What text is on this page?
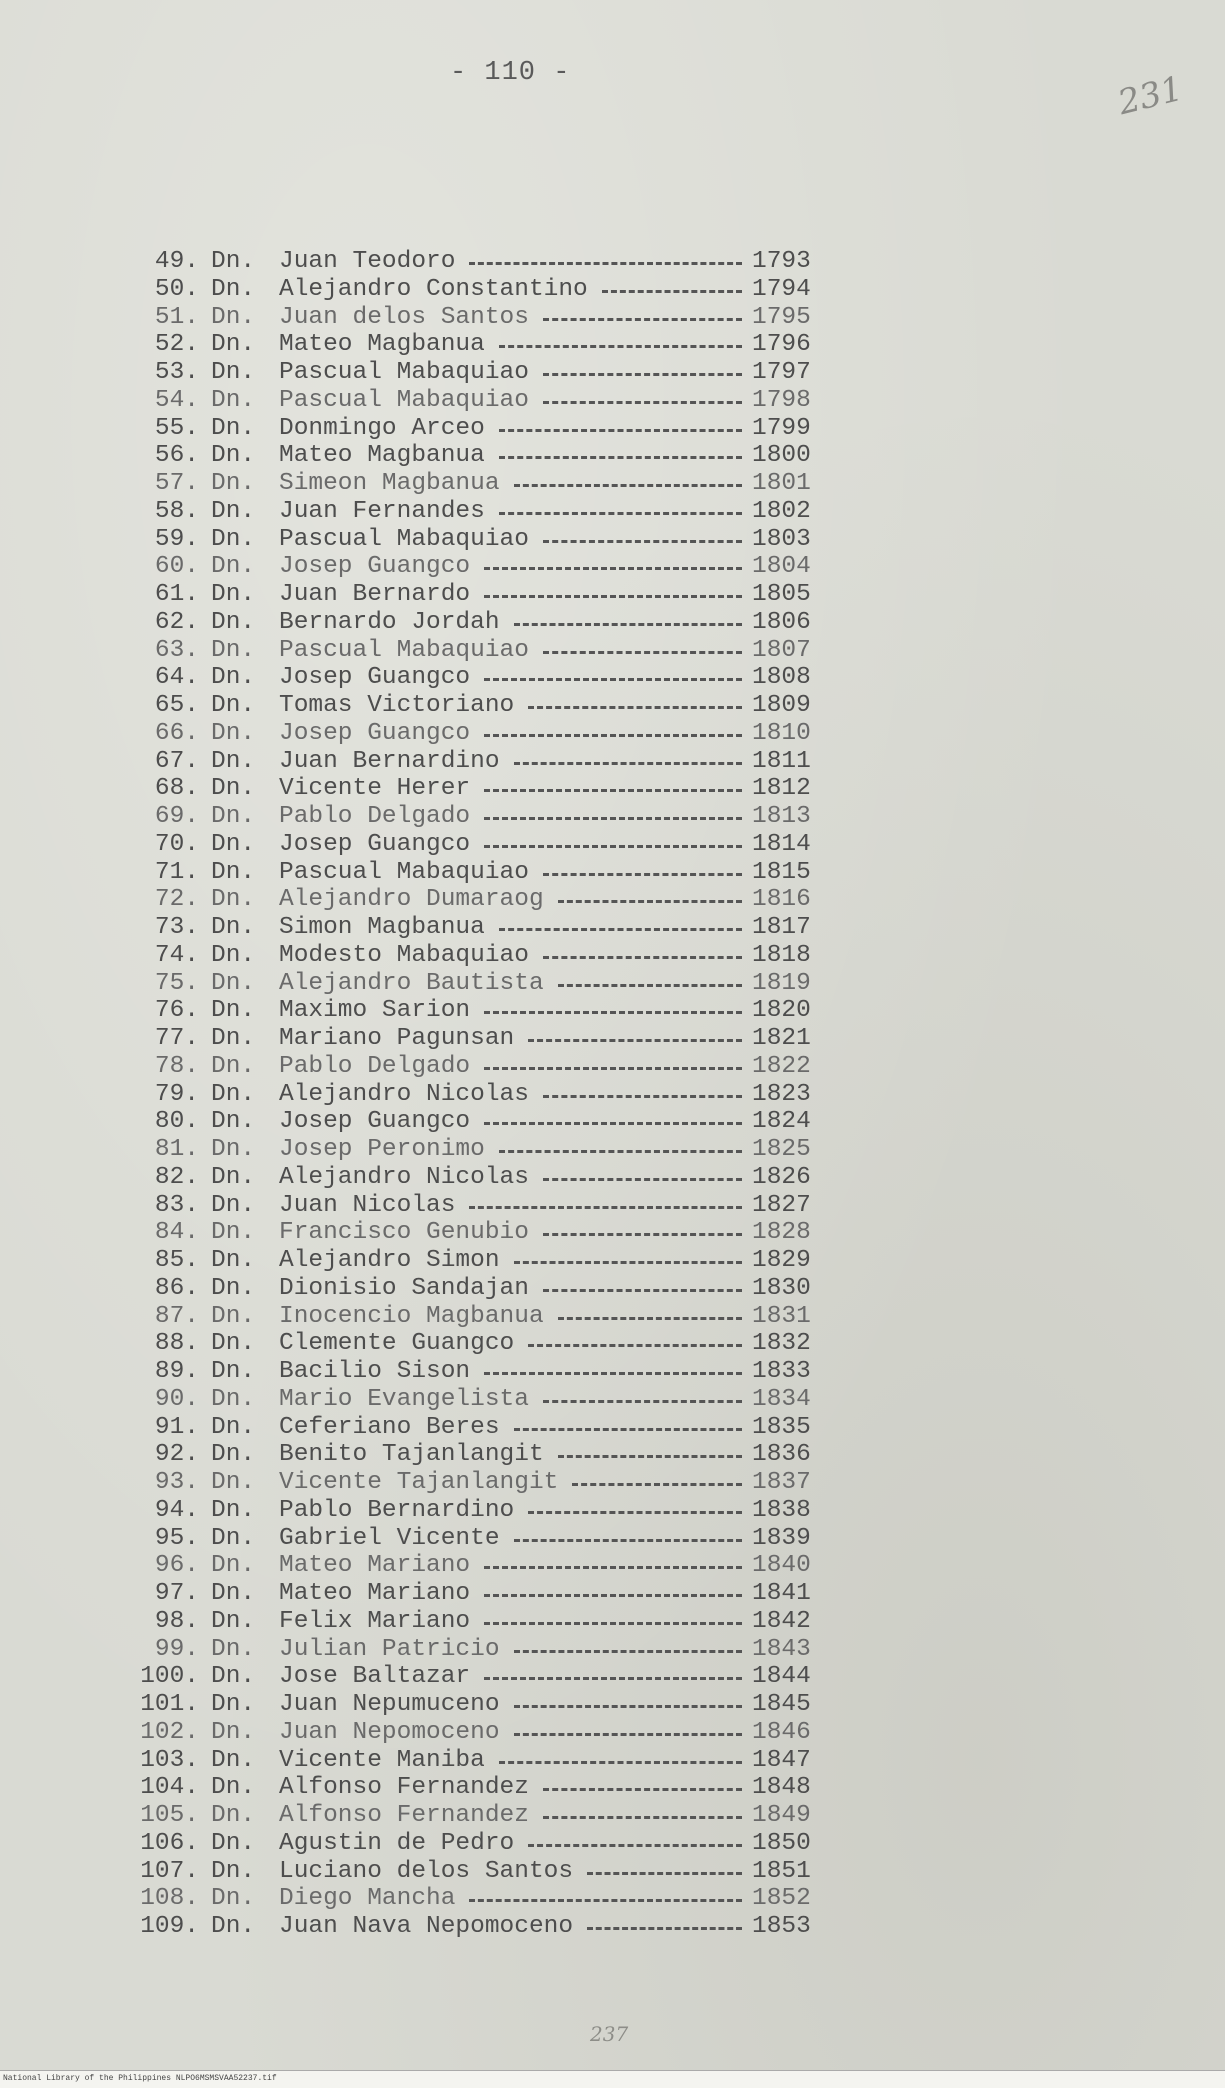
- 110 -	231
49. Dn. Juan Teodoro	1793
50. Dn. Alejandro Constantino	1794
51. Dn. Juan delos Santos	1795
52. Dn. Mateo Magbanua	1796
53. Dn. Pascual Mabaquiao	1797
54. Dn. Pascual Mabaquiao	1798
55. Dn. Donmingo Arceo	1799
56. Dn. Mateo Magbanua	1800
57. Dn. Simeon Magbanua	1801
58. Dn. Juan Fernandes	1802
59. Dn. Pascual Mabaquiao	1803
60. Dn. Josep Guangco	1804
61. Dn. Juan Bernardo	1805
62. Dn. Bernardo Jordah	1806
63. Dn. Pascual Mabaquiao	1807
64. Dn. Josep Guangco	1808
65. Dn. Tomas Victoriano	1809
66. Dn. Josep Guangco	1810
67. Dn. Juan Bernardino	1811
68. Dn. Vicente Herer	1812
69. Dn. Pablo Delgado	1813
70. Dn. Josep Guangco	1814
71. Dn. Pascual Mabaquiao	1815
72. Dn. Alejandro Dumaraog	1816
73. Dn. Simon Magbanua	1817
74. Dn. Modesto Mabaquiao	1818
75. Dn. Alejandro Bautista	1819
76. Dn. Maximo Sarion	1820
77. Dn. Mariano Pagunsan	1821
78. Dn. Pablo Delgado	1822
79. Dn. Alejandro Nicolas	1823
80. Dn. Josep Guangco	1824
81. Dn. Josep Peronimo	1825
82. Dn. Alejandro Nicolas	1826
83. Dn. Juan Nicolas	1827
84. Dn. Francisco Genubio	1828
85. Dn. Alejandro Simon	1829
86. Dn. Dionisio Sandajan	1830
87. Dn. Inocencio Magbanua	1831
88. Dn. Clemente Guangco	1832
89. Dn. Bacilio Sison	1833
90. Dn. Mario Evangelista	1834
91. Dn. Ceferiano Beres	1835
92. Dn. Benito Tajanlangit	1836
93. Dn. Vicente Tajanlangit	1837
94. Dn. Pablo Bernardino	1838
95. Dn. Gabriel Vicente	1839
96. Dn. Mateo Mariano	1840
97. Dn. Mateo Mariano	1841
98. Dn. Felix Mariano	1842
99. Dn. Julian Patricio	1843
100. Dn. Jose Baltazar	1844
101. Dn. Juan Nepumuceno	1845
102. Dn. Juan Nepomoceno	1846
103. Dn. Vicente Maniba	1847
104. Dn. Alfonso Fernandez	1848
105. Dn. Alfonso Fernandez	1849
106. Dn. Agustin de Pedro	1850
107. Dn. Luciano delos Santos	1851
108. Dn. Diego Mancha	1852
109. Dn. Juan Nava Nepomoceno	1853
237
National Library of the Philippines NLPO6MSMSVAA52237.tif
